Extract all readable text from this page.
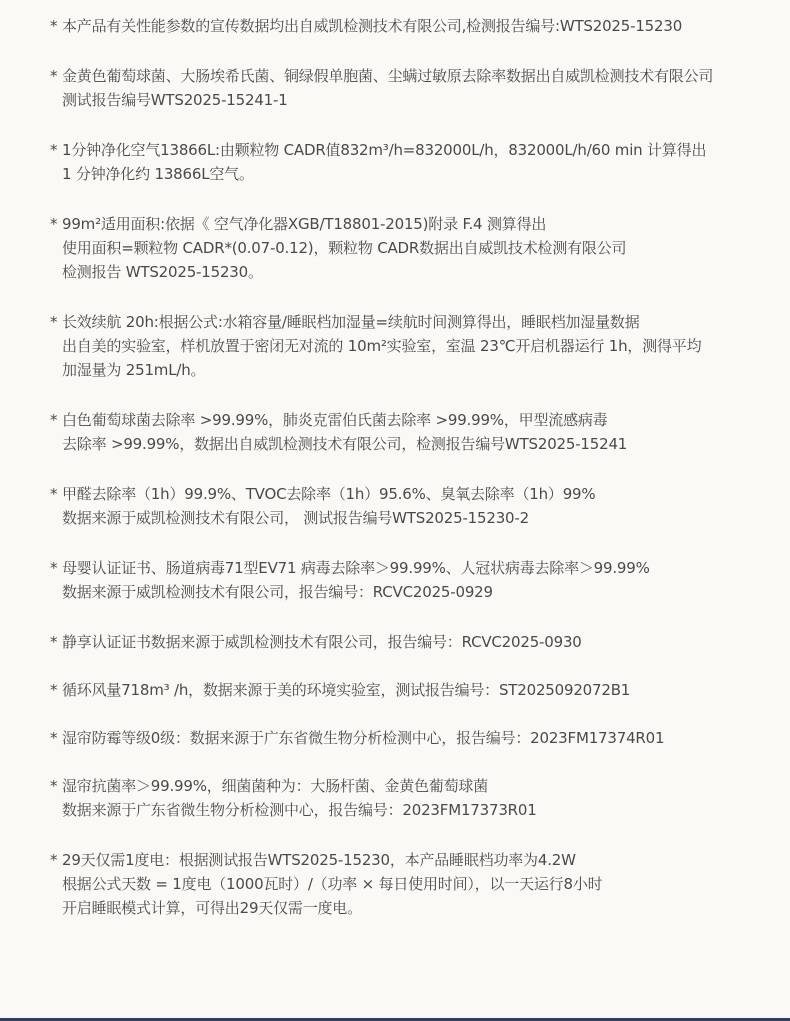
* 本产品有关性能参数的宣传数据均出自威凯检测技术有限公司,检测报告编号:WTS2025-15230
* 金黄色葡萄球菌、大肠埃希氏菌、铜绿假单胞菌、尘螨过敏原去除率数据出自威凯检测技术有限公司
测试报告编号WTS2025-15241-1
* 1分钟净化空气13866L:由颗粒物 CADR值832m³/h=832000L/h，832000L/h/60 min 计算得出
1 分钟净化约 13866L空气。
* 99m²适用面积:依据《 空气净化器XGB/T18801-2015)附录 F.4 测算得出
使用面积=颗粒物 CADR*(0.07-0.12)，颗粒物 CADR数据出自威凯技术检测有限公司
检测报告 WTS2025-15230。
* 长效续航 20h:根据公式:水箱容量/睡眠档加湿量=续航时间测算得出，睡眠档加湿量数据
出自美的实验室，样机放置于密闭无对流的 10m²实验室，室温 23℃开启机器运行 1h，测得平均
加湿量为 251mL/h。
* 白色葡萄球菌去除率 >99.99%，肺炎克雷伯氏菌去除率 >99.99%，甲型流感病毒
去除率 >99.99%，数据出自威凯检测技术有限公司，检测报告编号WTS2025-15241
* 甲醛去除率（1h）99.9%、TVOC去除率（1h）95.6%、臭氧去除率（1h）99%
数据来源于威凯检测技术有限公司， 测试报告编号WTS2025-15230-2
* 母婴认证证书、肠道病毒71型EV71 病毒去除率＞99.99%、人冠状病毒去除率＞99.99%
数据来源于威凯检测技术有限公司，报告编号：RCVC2025-0929
* 静享认证证书数据来源于威凯检测技术有限公司，报告编号：RCVC2025-0930
* 循环风量718m³ /h，数据来源于美的环境实验室，测试报告编号：ST2025092072B1
* 湿帘防霉等级0级：数据来源于广东省微生物分析检测中心，报告编号：2023FM17374R01
* 湿帘抗菌率＞99.99%，细菌菌种为：大肠杆菌、金黄色葡萄球菌
数据来源于广东省微生物分析检测中心，报告编号：2023FM17373R01
* 29天仅需1度电：根据测试报告WTS2025-15230，本产品睡眠档功率为4.2W
根据公式天数 = 1度电（1000瓦时）/（功率 × 每日使用时间），以一天运行8小时
开启睡眠模式计算，可得出29天仅需一度电。
